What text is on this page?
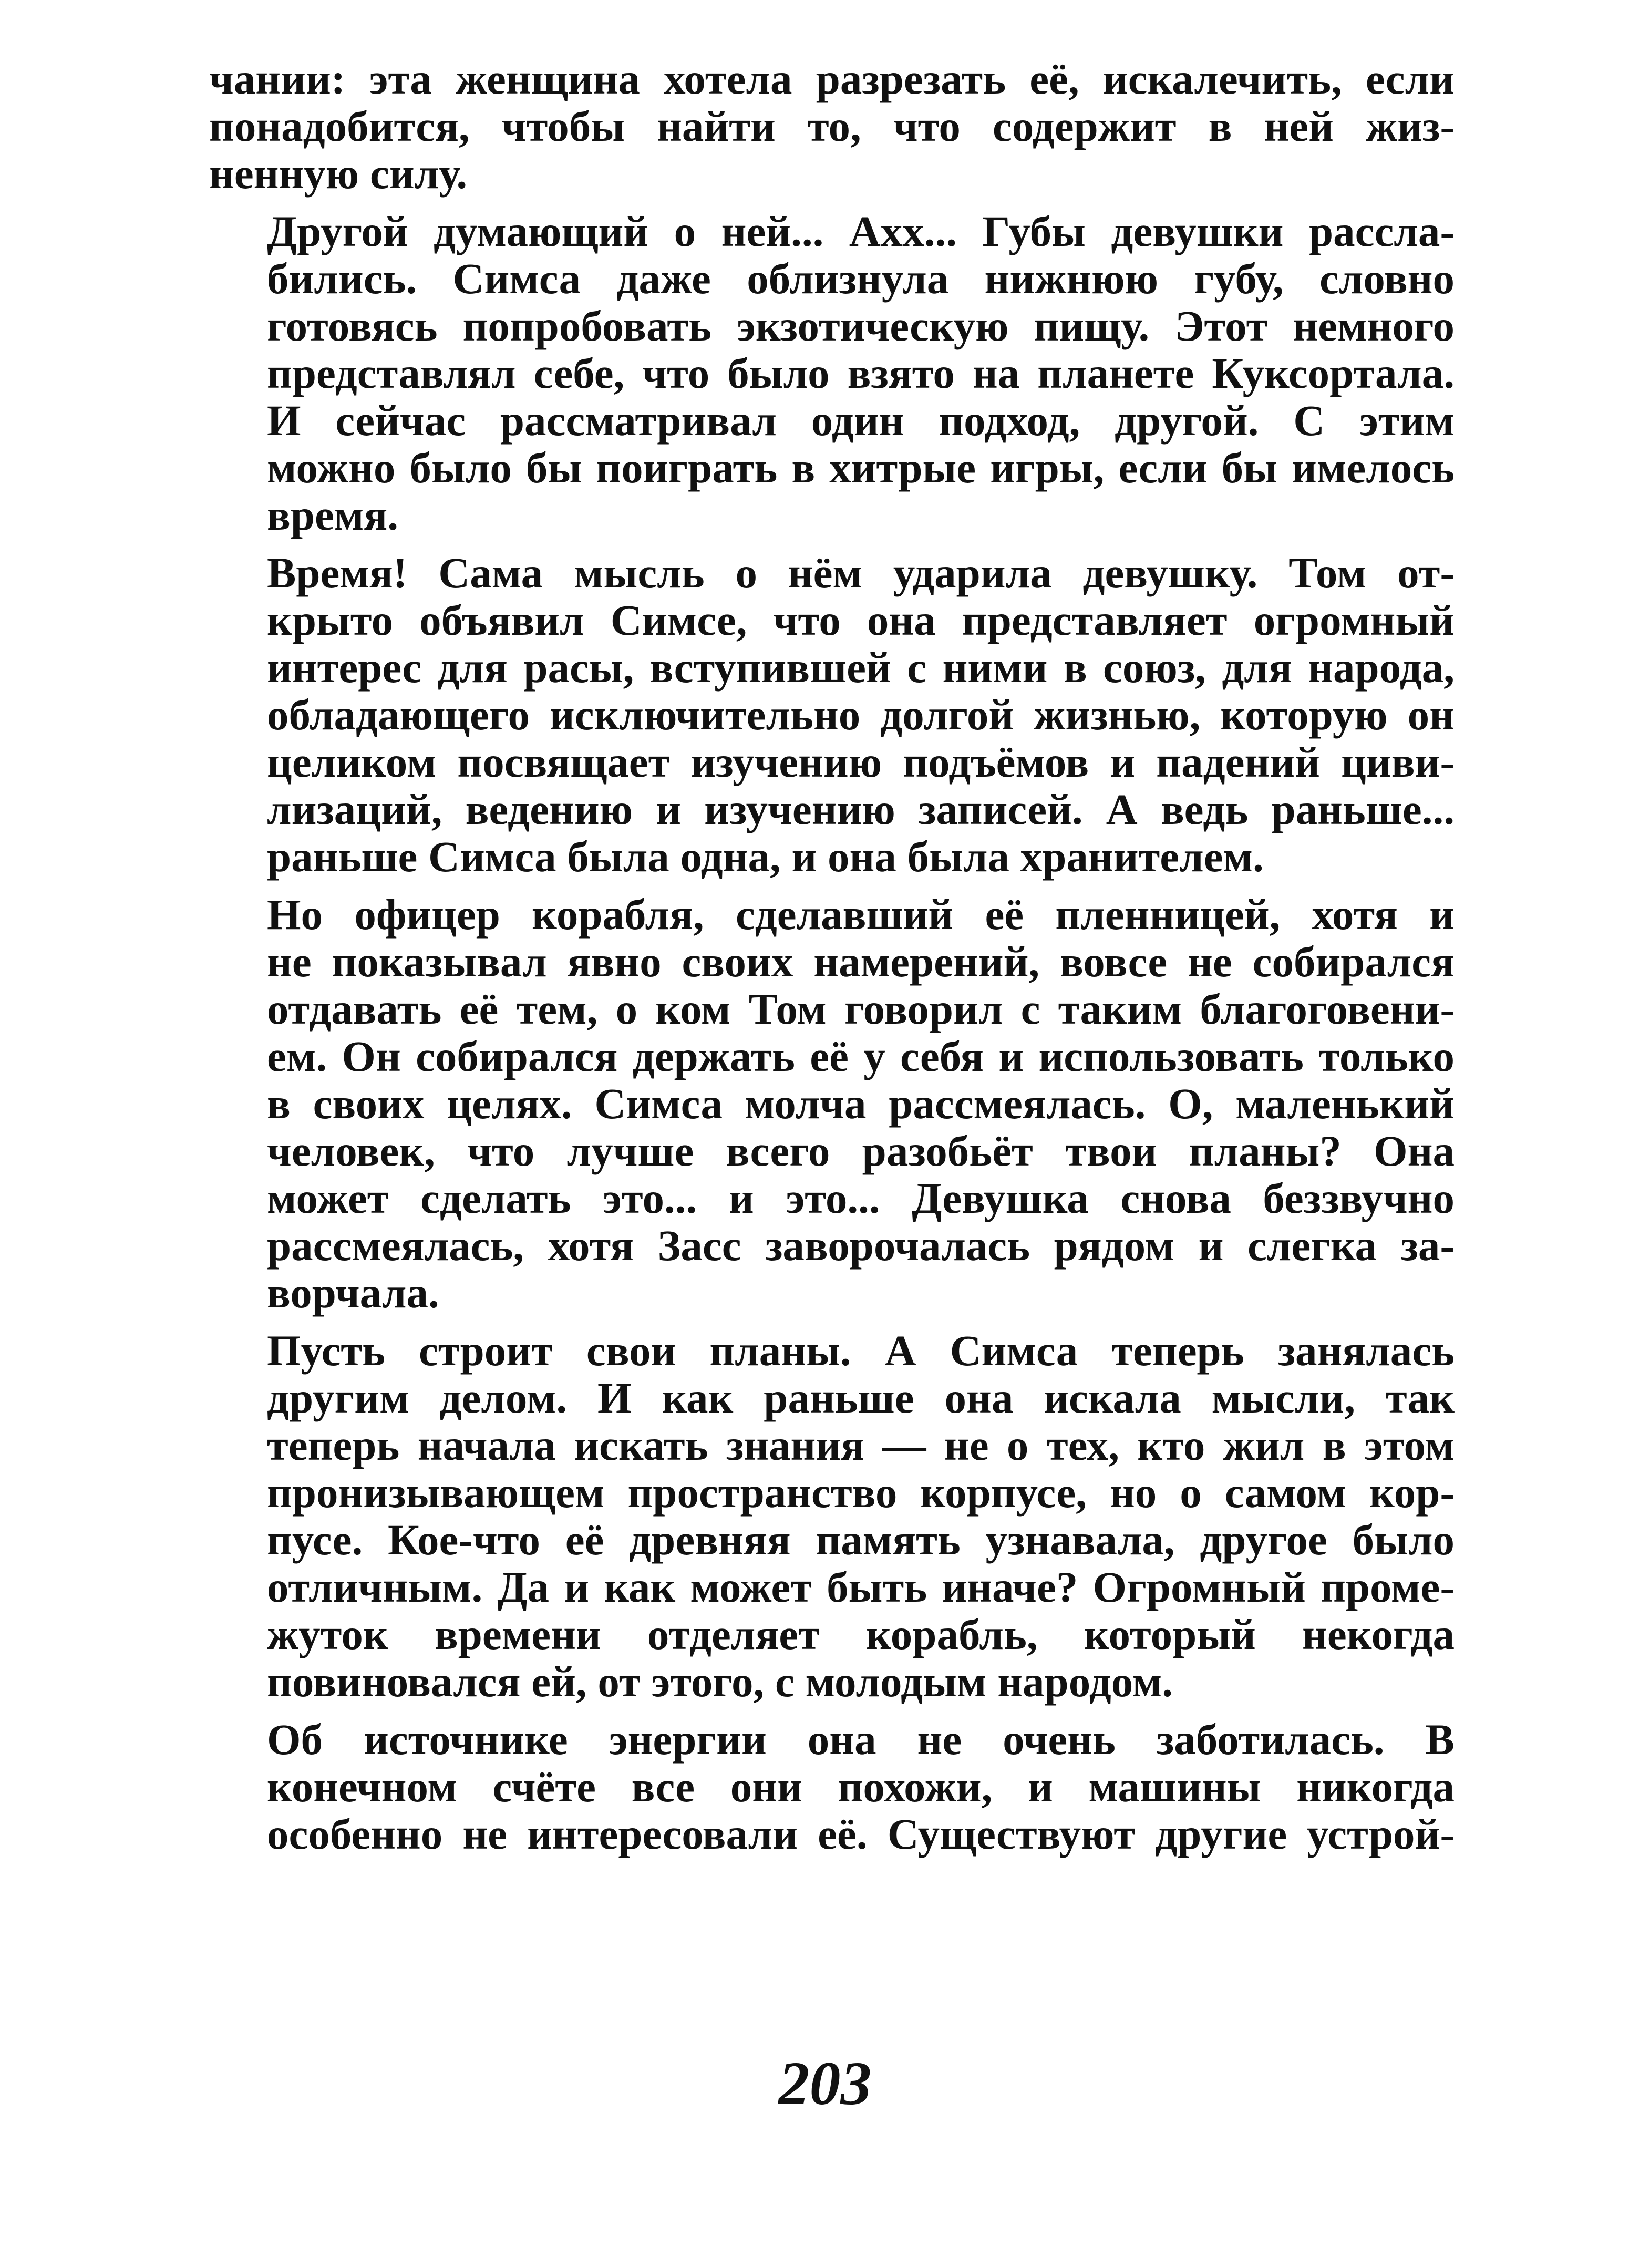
чании: эта женщина хотела разрезать её, искалечить, если
понадобится, чтобы найти то, что содержит в ней жиз-
ненную силу.
Другой думающий о ней... Ахх... Губы девушки рассла-
бились. Симса даже облизнула нижнюю губу, словно
готовясь попробовать экзотическую пищу. Этот немного
представлял себе, что было взято на планете Куксортала.
И сейчас рассматривал один подход, другой. С этим
можно было бы поиграть в хитрые игры, если бы имелось
время.
Время! Сама мысль о нём ударила девушку. Том от-
крыто объявил Симсе, что она представляет огромный
интерес для расы, вступившей с ними в союз, для народа,
обладающего исключительно долгой жизнью, которую он
целиком посвящает изучению подъёмов и падений циви-
лизаций, ведению и изучению записей. А ведь раньше...
раньше Симса была одна, и она была хранителем.
Но офицер корабля, сделавший её пленницей, хотя и
не показывал явно своих намерений, вовсе не собирался
отдавать её тем, о ком Том говорил с таким благоговени-
ем. Он собирался держать её у себя и использовать только
в своих целях. Симса молча рассмеялась. О, маленький
человек, что лучше всего разобьёт твои планы? Она
может сделать это... и это... Девушка снова беззвучно
рассмеялась, хотя Засс заворочалась рядом и слегка за-
ворчала.
Пусть строит свои планы. А Симса теперь занялась
другим делом. И как раньше она искала мысли, так
теперь начала искать знания — не о тех, кто жил в этом
пронизывающем пространство корпусе, но о самом кор-
пусе. Кое-что её древняя память узнавала, другое было
отличным. Да и как может быть иначе? Огромный проме-
жуток времени отделяет корабль, который некогда
повиновался ей, от этого, с молодым народом.
Об источнике энергии она не очень заботилась. В
конечном счёте все они похожи, и машины никогда
особенно не интересовали её. Существуют другие устрой-
203
